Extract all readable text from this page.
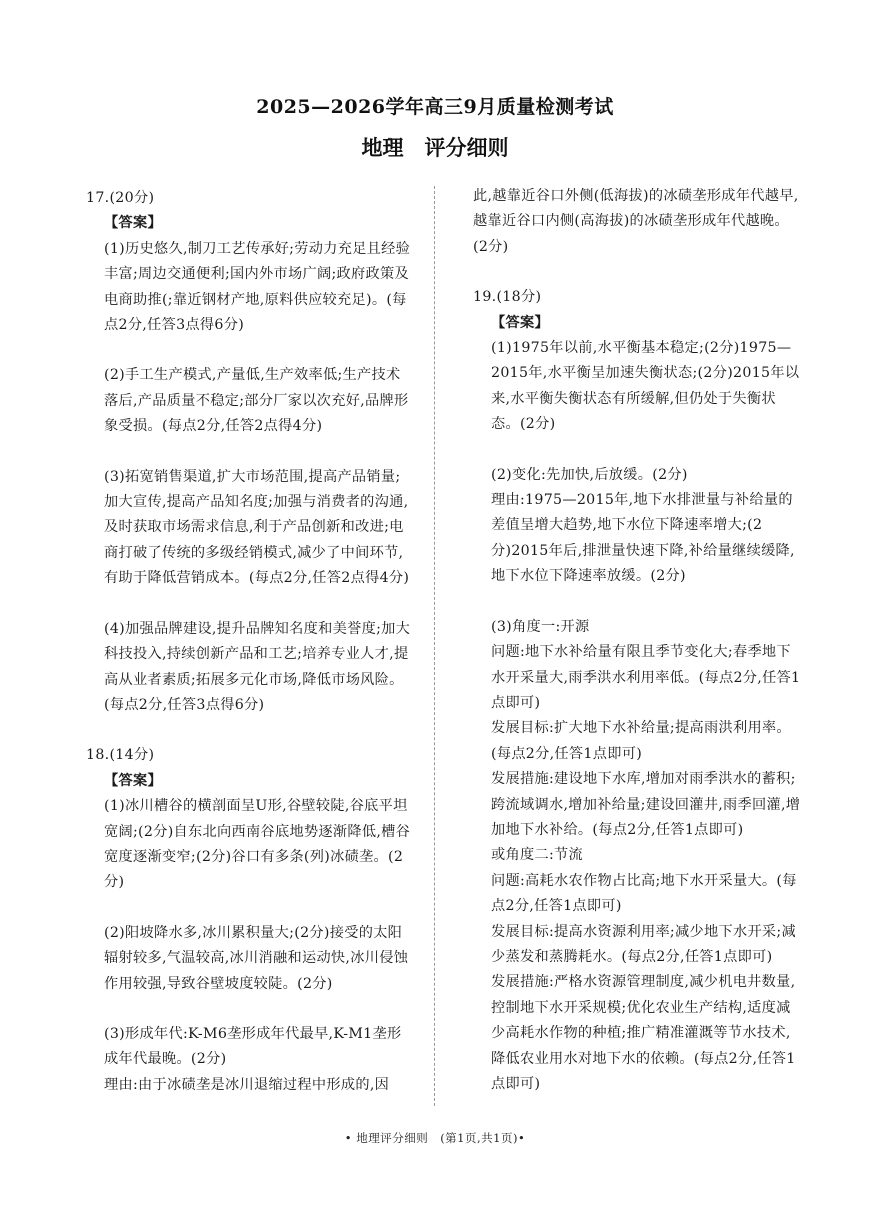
2025—2026学年高三9月质量检测考试
地理　评分细则

17.(20分)

【答案】

(1)历史悠久,制刀工艺传承好;劳动力充足且经验丰富;周边交通便利;国内外市场广阔;政府政策及电商助推(;靠近钢材产地,原料供应较充足)。(每点2分,任答3点得6分)

(2)手工生产模式,产量低,生产效率低;生产技术落后,产品质量不稳定;部分厂家以次充好,品牌形象受损。(每点2分,任答2点得4分)

(3)拓宽销售渠道,扩大市场范围,提高产品销量;加大宣传,提高产品知名度;加强与消费者的沟通,及时获取市场需求信息,利于产品创新和改进;电商打破了传统的多级经销模式,减少了中间环节,有助于降低营销成本。(每点2分,任答2点得4分)

(4)加强品牌建设,提升品牌知名度和美誉度;加大科技投入,持续创新产品和工艺;培养专业人才,提高从业者素质;拓展多元化市场,降低市场风险。(每点2分,任答3点得6分)

18.(14分)

【答案】

(1)冰川槽谷的横剖面呈U形,谷壁较陡,谷底平坦宽阔;(2分)自东北向西南谷底地势逐渐降低,槽谷宽度逐渐变窄;(2分)谷口有多条(列)冰碛垄。(2分)

(2)阳坡降水多,冰川累积量大;(2分)接受的太阳辐射较多,气温较高,冰川消融和运动快,冰川侵蚀作用较强,导致谷壁坡度较陡。(2分)

(3)形成年代:K-M6垄形成年代最早,K-M1垄形成年代最晚。(2分)

理由:由于冰碛垄是冰川退缩过程中形成的,因

此,越靠近谷口外侧(低海拔)的冰碛垄形成年代越早,越靠近谷口内侧(高海拔)的冰碛垄形成年代越晚。(2分)

19.(18分)

【答案】

(1)1975年以前,水平衡基本稳定;(2分)1975—2015年,水平衡呈加速失衡状态;(2分)2015年以来,水平衡失衡状态有所缓解,但仍处于失衡状态。(2分)

(2)变化:先加快,后放缓。(2分)

理由:1975—2015年,地下水排泄量与补给量的差值呈增大趋势,地下水位下降速率增大;(2分)2015年后,排泄量快速下降,补给量继续缓降,地下水位下降速率放缓。(2分)

(3)角度一:开源

问题:地下水补给量有限且季节变化大;春季地下水开采量大,雨季洪水利用率低。(每点2分,任答1点即可)

发展目标:扩大地下水补给量;提高雨洪利用率。(每点2分,任答1点即可)

发展措施:建设地下水库,增加对雨季洪水的蓄积;跨流域调水,增加补给量;建设回灌井,雨季回灌,增加地下水补给。(每点2分,任答1点即可)

或角度二:节流

问题:高耗水农作物占比高;地下水开采量大。(每点2分,任答1点即可)

发展目标:提高水资源利用率;减少地下水开采;减少蒸发和蒸腾耗水。(每点2分,任答1点即可)

发展措施:严格水资源管理制度,减少机电井数量,控制地下水开采规模;优化农业生产结构,适度减少高耗水作物的种植;推广精准灌溉等节水技术,降低农业用水对地下水的依赖。(每点2分,任答1点即可)

• 地理评分细则　(第1页,共1页)•
